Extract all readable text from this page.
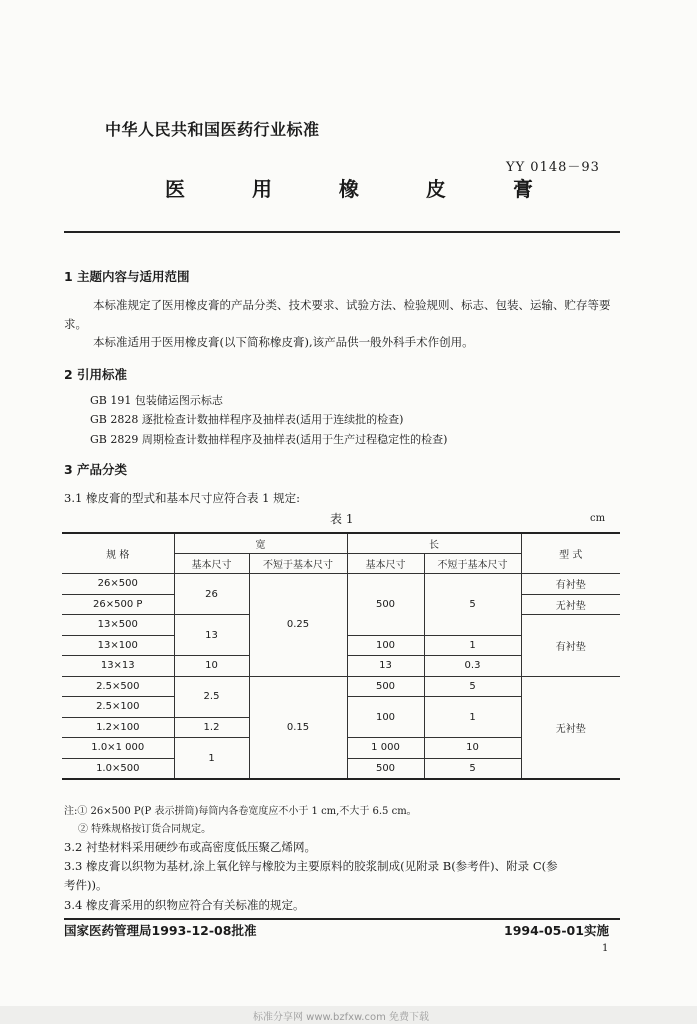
中华人民共和国医药行业标准
YY 0148－93
医 用 橡 皮 膏
1 主题内容与适用范围
本标准规定了医用橡皮膏的产品分类、技术要求、试验方法、检验规则、标志、包装、运输、贮存等要
求。
本标准适用于医用橡皮膏(以下简称橡皮膏),该产品供一般外科手术作创用。
2 引用标准
GB 191 包装储运图示标志
GB 2828 逐批检查计数抽样程序及抽样表(适用于连续批的检查)
GB 2829 周期检查计数抽样程序及抽样表(适用于生产过程稳定性的检查)
3 产品分类
3.1 橡皮膏的型式和基本尺寸应符合表 1 规定:
表 1	cm
规 格	宽		长		型 式
	基本尺寸	不短于基本尺寸	基本尺寸	不短于基本尺寸	
26×500	26	0.25	500	5	有衬垫
26×500 P					无衬垫
13×500	13				有衬垫
13×100			100	1	
13×13	10		13	0.3	
2.5×500	2.5	0.15	500	5	无衬垫
2.5×100			100	1	
1.2×100	1.2				
1.0×1 000	1		1 000	10	
1.0×500			500	5	
注:① 26×500 P(P 表示拼筒)每筒内各卷宽度应不小于 1 cm,不大于 6.5 cm。
② 特殊规格按订货合同规定。
3.2 衬垫材料采用硬纱布或高密度低压聚乙烯网。
3.3 橡皮膏以织物为基材,涂上氧化锌与橡胶为主要原料的胶浆制成(见附录 B(参考件)、附录 C(参
考件))。
3.4 橡皮膏采用的织物应符合有关标准的规定。
国家医药管理局1993-12-08批准	1994-05-01实施
1
标准分享网 www.bzfxw.com 免费下载
